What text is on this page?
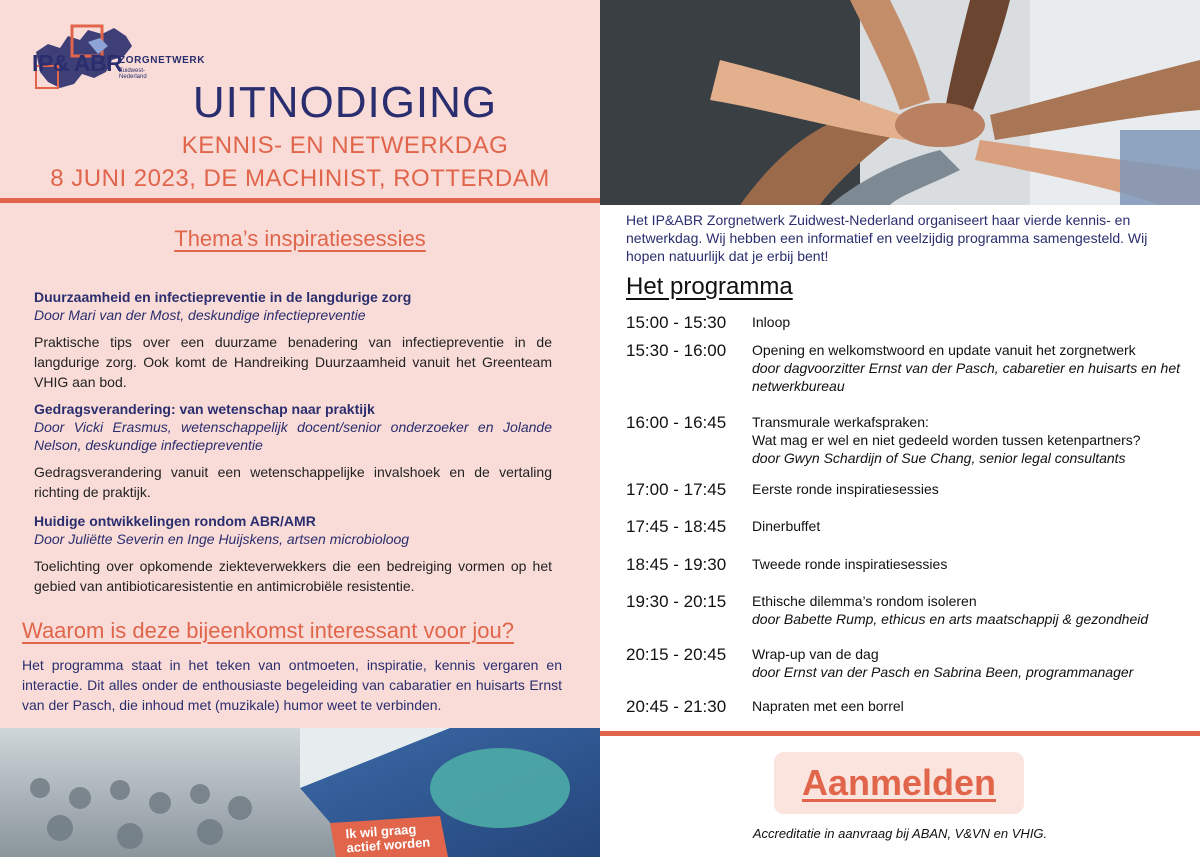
IP& ABR
ZORGNETWERK
Zuidwest-Nederland
UITNODIGING
KENNIS- EN NETWERKDAG
8 JUNI 2023, DE MACHINIST, ROTTERDAM
Thema’s inspiratiesessies
Duurzaamheid en infectiepreventie in de langdurige zorg
Door Mari van der Most, deskundige infectiepreventie
Praktische tips over een duurzame benadering van infectiepreventie in de langdurige zorg. Ook komt de Handreiking Duurzaamheid vanuit het Greenteam VHIG aan bod.
Gedragsverandering: van wetenschap naar praktijk
Door Vicki Erasmus, wetenschappelijk docent/senior onderzoeker en Jolande Nelson, deskundige infectiepreventie
Gedragsverandering vanuit een wetenschappelijke invalshoek en de vertaling richting de praktijk.
Huidige ontwikkelingen rondom ABR/AMR
Door Juliëtte Severin en Inge Huijskens, artsen microbioloog
Toelichting over opkomende ziekteverwekkers die een bedreiging vormen op het gebied van antibioticaresistentie en antimicrobiële resistentie.
Waarom is deze bijeenkomst interessant voor jou?
Het programma staat in het teken van ontmoeten, inspiratie, kennis vergaren en interactie. Dit alles onder de enthousiaste begeleiding van cabaratier en huisarts Ernst van der Pasch, die inhoud met (muzikale) humor weet te verbinden.
Ik wil graag actief worden
Het IP&ABR Zorgnetwerk Zuidwest-Nederland organiseert haar vierde kennis- en netwerkdag. Wij hebben een informatief en veelzijdig programma samengesteld. Wij hopen natuurlijk dat je erbij bent!
Het programma
15:00 - 15:30	Inloop
15:30 - 16:00	Opening en welkomstwoord en update vanuit het zorgnetwerk
door dagvoorzitter Ernst van der Pasch, cabaretier en huisarts en het netwerkbureau
16:00 - 16:45	Transmurale werkafspraken:
Wat mag er wel en niet gedeeld worden tussen ketenpartners?
door Gwyn Schardijn of Sue Chang, senior legal consultants
17:00 - 17:45	Eerste ronde inspiratiesessies
17:45 - 18:45	Dinerbuffet
18:45 - 19:30	Tweede ronde inspiratiesessies
19:30 - 20:15	Ethische dilemma’s rondom isoleren
door Babette Rump, ethicus en arts maatschappij & gezondheid
20:15 - 20:45	Wrap-up van de dag
door Ernst van der Pasch en Sabrina Been, programmanager
20:45 - 21:30	Napraten met een borrel
Aanmelden
Accreditatie in aanvraag bij ABAN, V&VN en VHIG.
